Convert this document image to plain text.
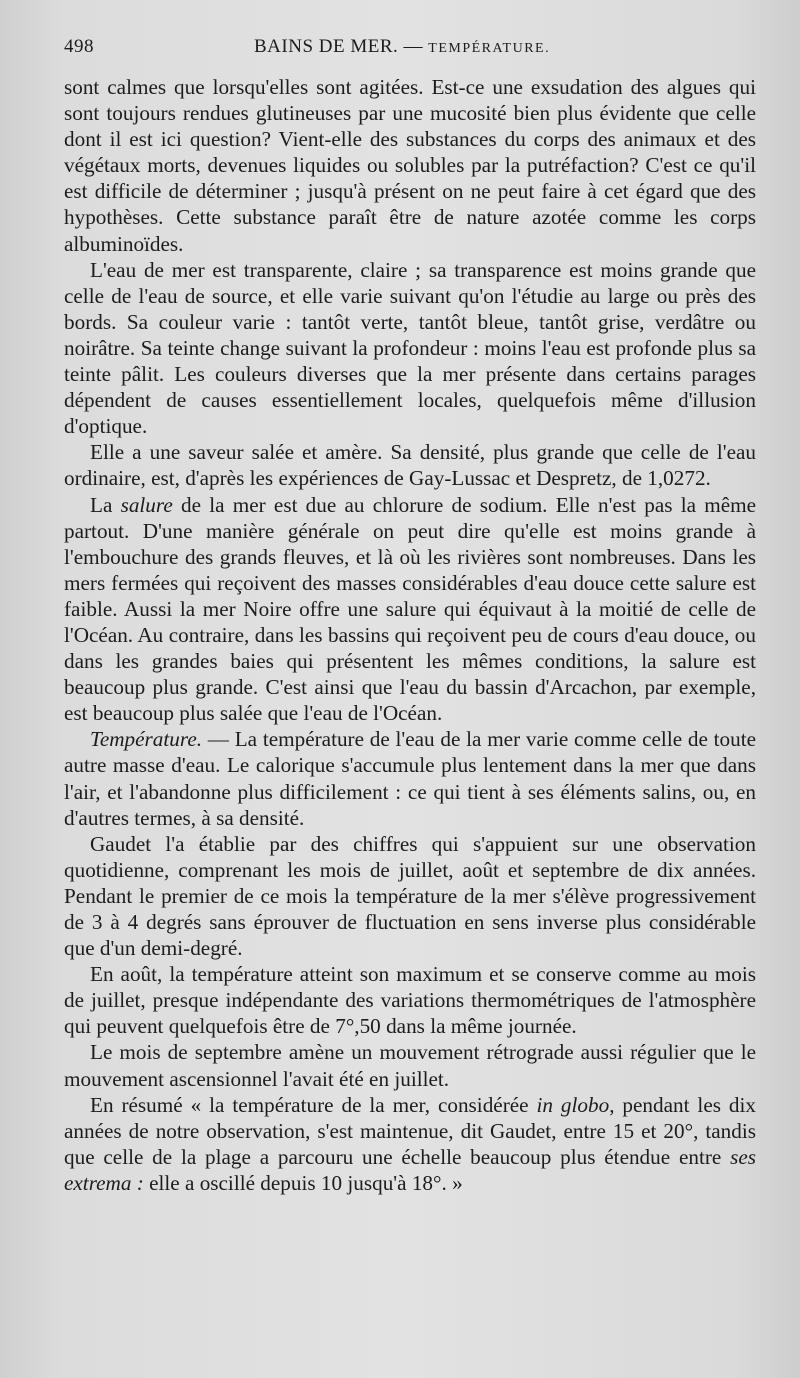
498	BAINS DE MER. — TEMPÉRATURE.

sont calmes que lorsqu'elles sont agitées. Est-ce une exsudation des algues qui sont toujours rendues glutineuses par une mucosité bien plus évidente que celle dont il est ici question? Vient-elle des substances du corps des animaux et des végétaux morts, devenues liquides ou solubles par la putréfaction? C'est ce qu'il est difficile de déterminer ; jusqu'à présent on ne peut faire à cet égard que des hypothèses. Cette substance paraît être de nature azotée comme les corps albuminoïdes.

L'eau de mer est transparente, claire ; sa transparence est moins grande que celle de l'eau de source, et elle varie suivant qu'on l'étudie au large ou près des bords. Sa couleur varie : tantôt verte, tantôt bleue, tantôt grise, verdâtre ou noirâtre. Sa teinte change suivant la profondeur : moins l'eau est profonde plus sa teinte pâlit. Les couleurs diverses que la mer présente dans certains parages dépendent de causes essentiellement locales, quelquefois même d'illusion d'optique.

Elle a une saveur salée et amère. Sa densité, plus grande que celle de l'eau ordinaire, est, d'après les expériences de Gay-Lussac et Despretz, de 1,0272.

La salure de la mer est due au chlorure de sodium. Elle n'est pas la même partout. D'une manière générale on peut dire qu'elle est moins grande à l'embouchure des grands fleuves, et là où les rivières sont nombreuses. Dans les mers fermées qui reçoivent des masses considérables d'eau douce cette salure est faible. Aussi la mer Noire offre une salure qui équivaut à la moitié de celle de l'Océan. Au contraire, dans les bassins qui reçoivent peu de cours d'eau douce, ou dans les grandes baies qui présentent les mêmes conditions, la salure est beaucoup plus grande. C'est ainsi que l'eau du bassin d'Arcachon, par exemple, est beaucoup plus salée que l'eau de l'Océan.

Température. — La température de l'eau de la mer varie comme celle de toute autre masse d'eau. Le calorique s'accumule plus lentement dans la mer que dans l'air, et l'abandonne plus difficilement : ce qui tient à ses éléments salins, ou, en d'autres termes, à sa densité.

Gaudet l'a établie par des chiffres qui s'appuient sur une observation quotidienne, comprenant les mois de juillet, août et septembre de dix années. Pendant le premier de ce mois la température de la mer s'élève progressivement de 3 à 4 degrés sans éprouver de fluctuation en sens inverse plus considérable que d'un demi-degré.

En août, la température atteint son maximum et se conserve comme au mois de juillet, presque indépendante des variations thermométriques de l'atmosphère qui peuvent quelquefois être de 7°,50 dans la même journée.

Le mois de septembre amène un mouvement rétrograde aussi régulier que le mouvement ascensionnel l'avait été en juillet.

En résumé « la température de la mer, considérée in globo, pendant les dix années de notre observation, s'est maintenue, dit Gaudet, entre 15 et 20°, tandis que celle de la plage a parcouru une échelle beaucoup plus étendue entre ses extrema : elle a oscillé depuis 10 jusqu'à 18°. »
